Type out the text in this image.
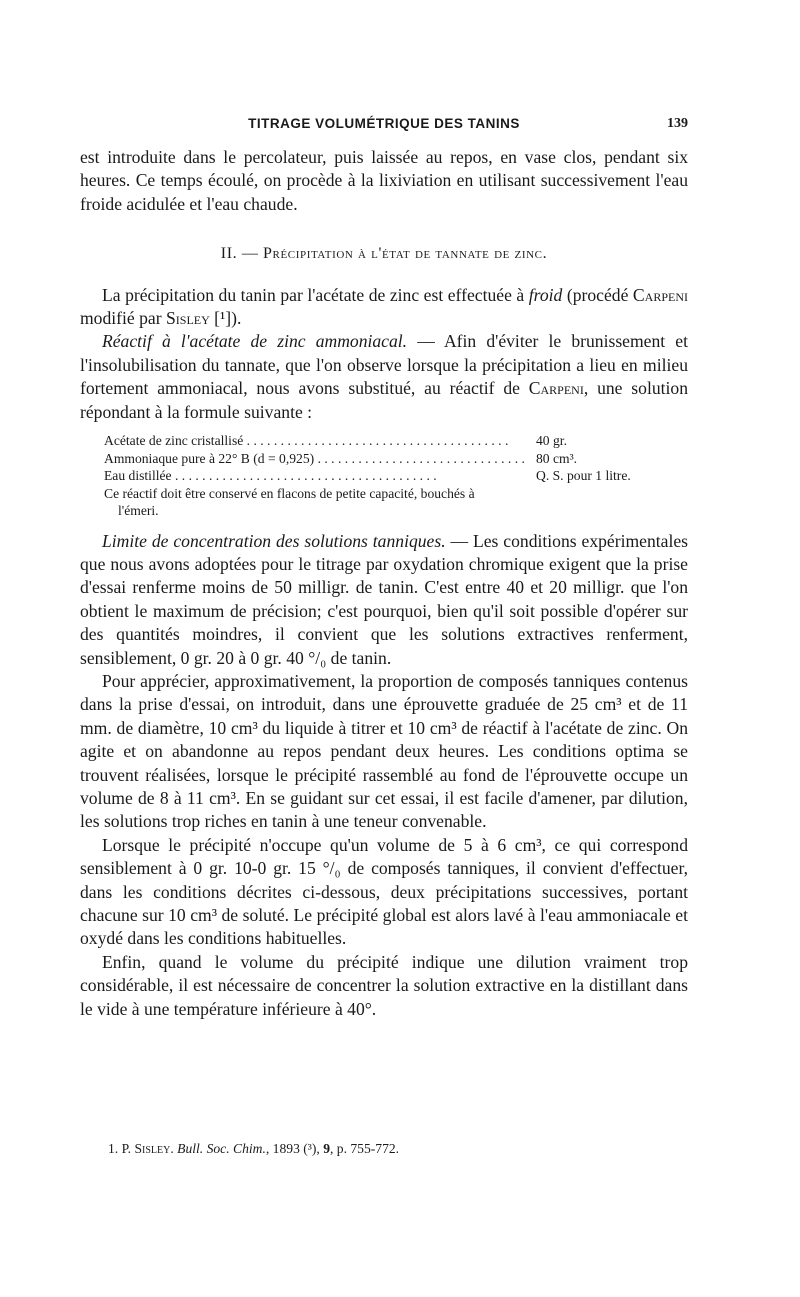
TITRAGE VOLUMÉTRIQUE DES TANINS	139

est introduite dans le percolateur, puis laissée au repos, en vase clos, pendant six heures. Ce temps écoulé, on procède à la lixiviation en utilisant successivement l'eau froide acidulée et l'eau chaude.

II. — Précipitation à l'état de tannate de zinc.

La précipitation du tanin par l'acétate de zinc est effectuée à froid (procédé Carpeni modifié par Sisley [¹]).

Réactif à l'acétate de zinc ammoniacal. — Afin d'éviter le brunissement et l'insolubilisation du tannate, que l'on observe lorsque la précipitation a lieu en milieu fortement ammoniacal, nous avons substitué, au réactif de Carpeni, une solution répondant à la formule suivante :

Acétate de zinc cristallisé . . .	40 gr.
Ammoniaque pure à 22° B (d = 0,925) . . .	80 cm³.
Eau distillée . . .	Q. S. pour 1 litre.
Ce réactif doit être conservé en flacons de petite capacité, bouchés à
l'émeri.

Limite de concentration des solutions tanniques. — Les conditions expérimentales que nous avons adoptées pour le titrage par oxydation chromique exigent que la prise d'essai renferme moins de 50 milligr. de tanin. C'est entre 40 et 20 milligr. que l'on obtient le maximum de précision; c'est pourquoi, bien qu'il soit possible d'opérer sur des quantités moindres, il convient que les solutions extractives renferment, sensiblement, 0 gr. 20 à 0 gr. 40 °/₀ de tanin.

Pour apprécier, approximativement, la proportion de composés tanniques contenus dans la prise d'essai, on introduit, dans une éprouvette graduée de 25 cm³ et de 11 mm. de diamètre, 10 cm³ du liquide à titrer et 10 cm³ de réactif à l'acétate de zinc. On agite et on abandonne au repos pendant deux heures. Les conditions optima se trouvent réalisées, lorsque le précipité rassemblé au fond de l'éprouvette occupe un volume de 8 à 11 cm³. En se guidant sur cet essai, il est facile d'amener, par dilution, les solutions trop riches en tanin à une teneur convenable.

Lorsque le précipité n'occupe qu'un volume de 5 à 6 cm³, ce qui correspond sensiblement à 0 gr. 10-0 gr. 15 °/₀ de composés tanniques, il convient d'effectuer, dans les conditions décrites ci-dessous, deux précipitations successives, portant chacune sur 10 cm³ de soluté. Le précipité global est alors lavé à l'eau ammoniacale et oxydé dans les conditions habituelles.

Enfin, quand le volume du précipité indique une dilution vraiment trop considérable, il est nécessaire de concentrer la solution extractive en la distillant dans le vide à une température inférieure à 40°.

1. P. Sisley. Bull. Soc. Chim., 1893 (³), 9, p. 755-772.
